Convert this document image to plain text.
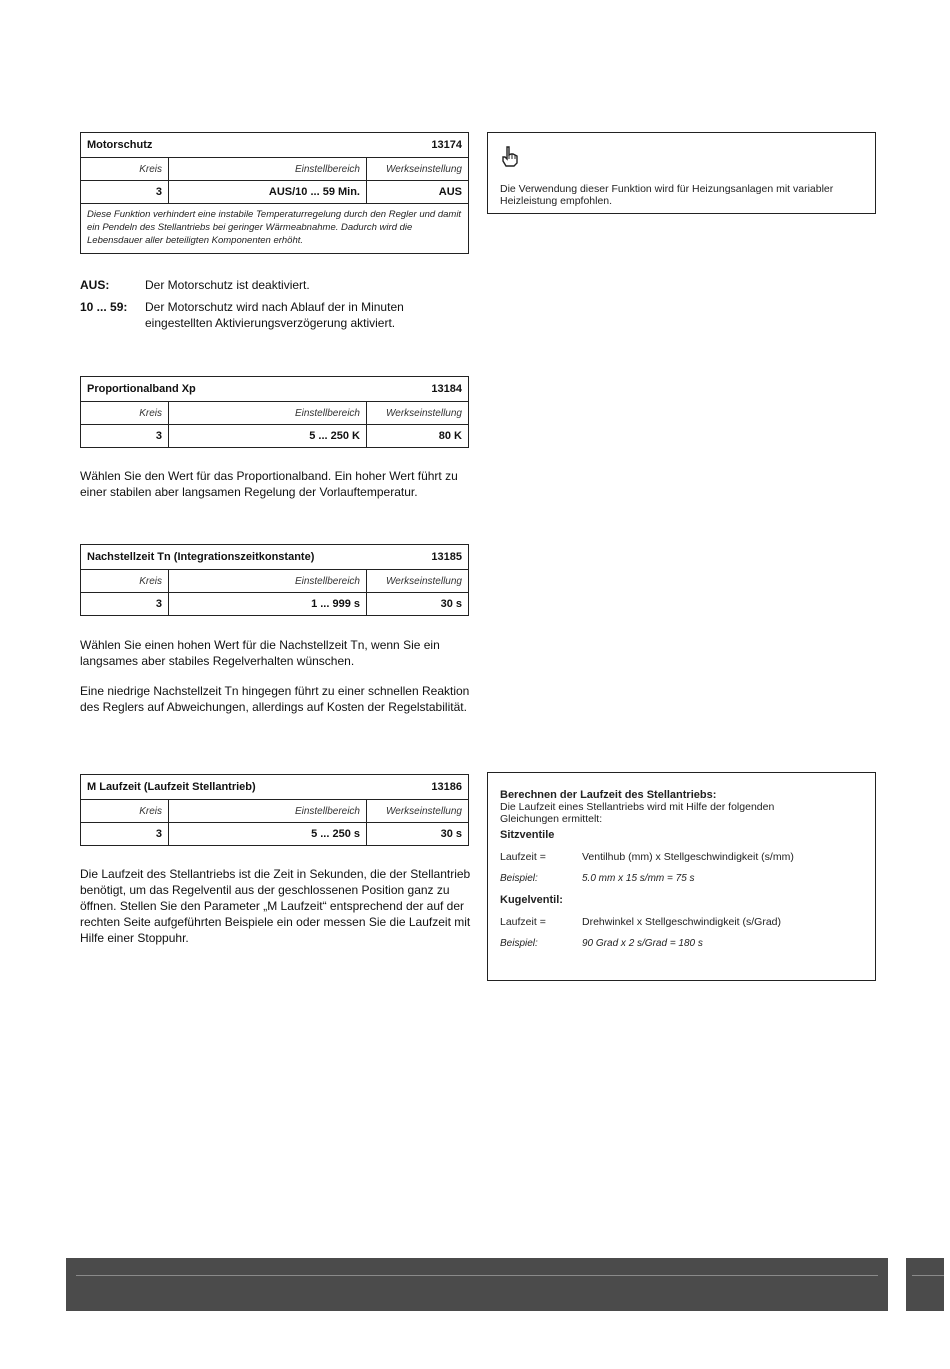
Motorschutz	13174
Kreis	Einstellbereich	Werkseinstellung
3	AUS/10 ... 59 Min.	AUS
Diese Funktion verhindert eine instabile Temperaturregelung durch den Regler und damit ein Pendeln des Stellantriebs bei geringer Wärmeabnahme. Dadurch wird die Lebensdauer aller beteiligten Komponenten erhöht.
AUS:	Der Motorschutz ist deaktiviert.
10 ... 59:	Der Motorschutz wird nach Ablauf der in Minuten eingestellten Aktivierungsverzögerung aktiviert.
Die Verwendung dieser Funktion wird für Heizungsanlagen mit variabler Heizleistung empfohlen.
Proportionalband Xp	13184
Kreis	Einstellbereich	Werkseinstellung
3	5 ... 250 K	80 K
Wählen Sie den Wert für das Proportionalband. Ein hoher Wert führt zu einer stabilen aber langsamen Regelung der Vorlauftemperatur.
Nachstellzeit Tn (Integrationszeitkonstante)	13185
Kreis	Einstellbereich	Werkseinstellung
3	1 ... 999 s	30 s
Wählen Sie einen hohen Wert für die Nachstellzeit Tn, wenn Sie ein langsames aber stabiles Regelverhalten wünschen.
Eine niedrige Nachstellzeit Tn hingegen führt zu einer schnellen Reaktion des Reglers auf Abweichungen, allerdings auf Kosten der Regelstabilität.
M Laufzeit (Laufzeit Stellantrieb)	13186
Kreis	Einstellbereich	Werkseinstellung
3	5 ... 250 s	30 s
Die Laufzeit des Stellantriebs ist die Zeit in Sekunden, die der Stellantrieb benötigt, um das Regelventil aus der geschlossenen Position ganz zu öffnen. Stellen Sie den Parameter „M Laufzeit“ entsprechend der auf der rechten Seite aufgeführten Beispiele ein oder messen Sie die Laufzeit mit Hilfe einer Stoppuhr.
Berechnen der Laufzeit des Stellantriebs:
Die Laufzeit eines Stellantriebs wird mit Hilfe der folgenden Gleichungen ermittelt:
Sitzventile
Laufzeit =	Ventilhub (mm) x Stellgeschwindigkeit (s/mm)
Beispiel:	5.0 mm x 15 s/mm = 75 s
Kugelventil:
Laufzeit =	Drehwinkel x Stellgeschwindigkeit (s/Grad)
Beispiel:	90 Grad x 2 s/Grad = 180 s
